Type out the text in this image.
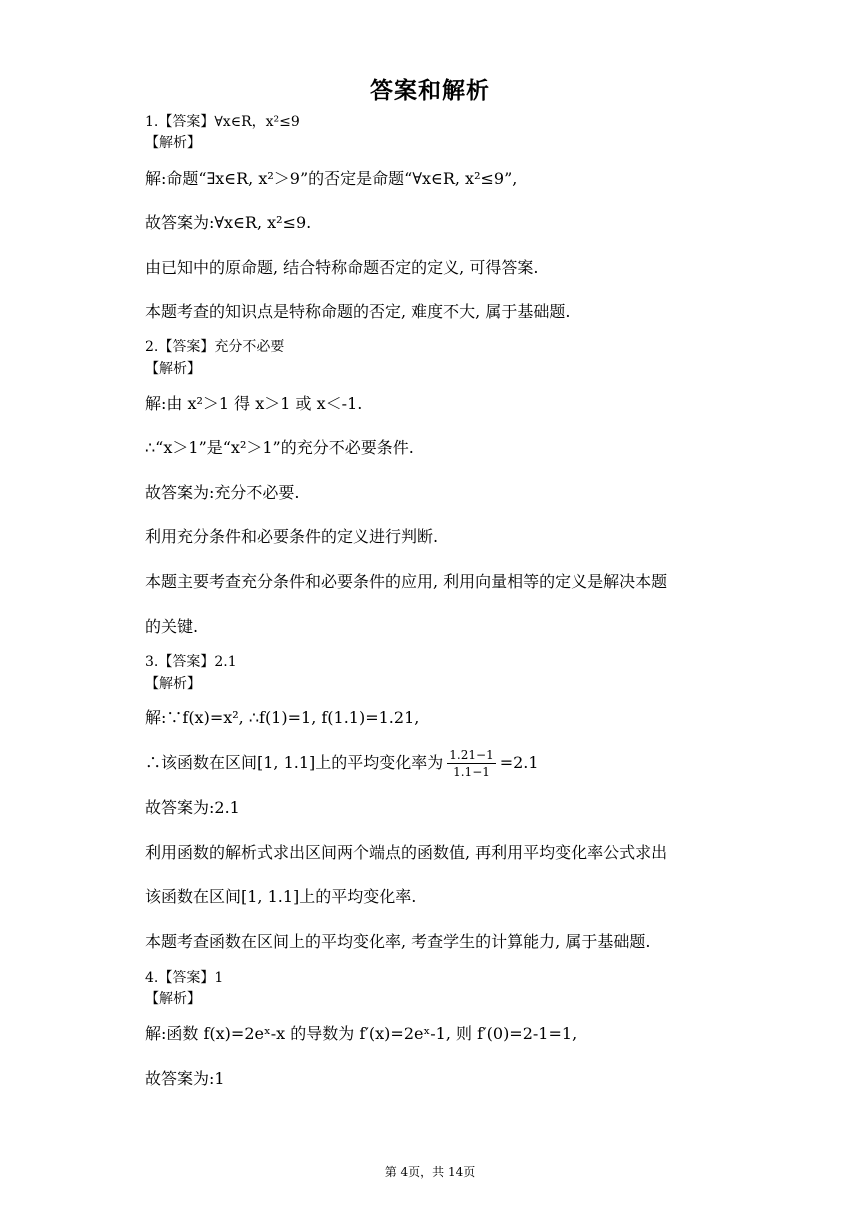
答案和解析
1.【答案】∀x∈R，x²≤9
【解析】
解:命题“∃x∈R, x²＞9”的否定是命题“∀x∈R, x²≤9”,
故答案为:∀x∈R, x²≤9.
由已知中的原命题, 结合特称命题否定的定义, 可得答案.
本题考查的知识点是特称命题的否定, 难度不大, 属于基础题.
2.【答案】充分不必要
【解析】
解:由 x²＞1 得 x＞1 或 x＜-1.
∴“x＞1”是“x²＞1”的充分不必要条件.
故答案为:充分不必要.
利用充分条件和必要条件的定义进行判断.
本题主要考查充分条件和必要条件的应用, 利用向量相等的定义是解决本题
的关键.
3.【答案】2.1
【解析】
解:∵f(x)=x², ∴f(1)=1, f(1.1)=1.21,
∴该函数在区间[1, 1.1]上的平均变化率为 $\frac{1.21-1}{1.1-1} =2.1$
故答案为:2.1
利用函数的解析式求出区间两个端点的函数值, 再利用平均变化率公式求出
该函数在区间[1, 1.1]上的平均变化率.
本题考查函数在区间上的平均变化率, 考查学生的计算能力, 属于基础题.
4.【答案】1
【解析】
解:函数 f(x)=2eˣ-x 的导数为 f′(x)=2eˣ-1, 则 f′(0)=2-1=1,
故答案为:1
第 4页，共 14页
